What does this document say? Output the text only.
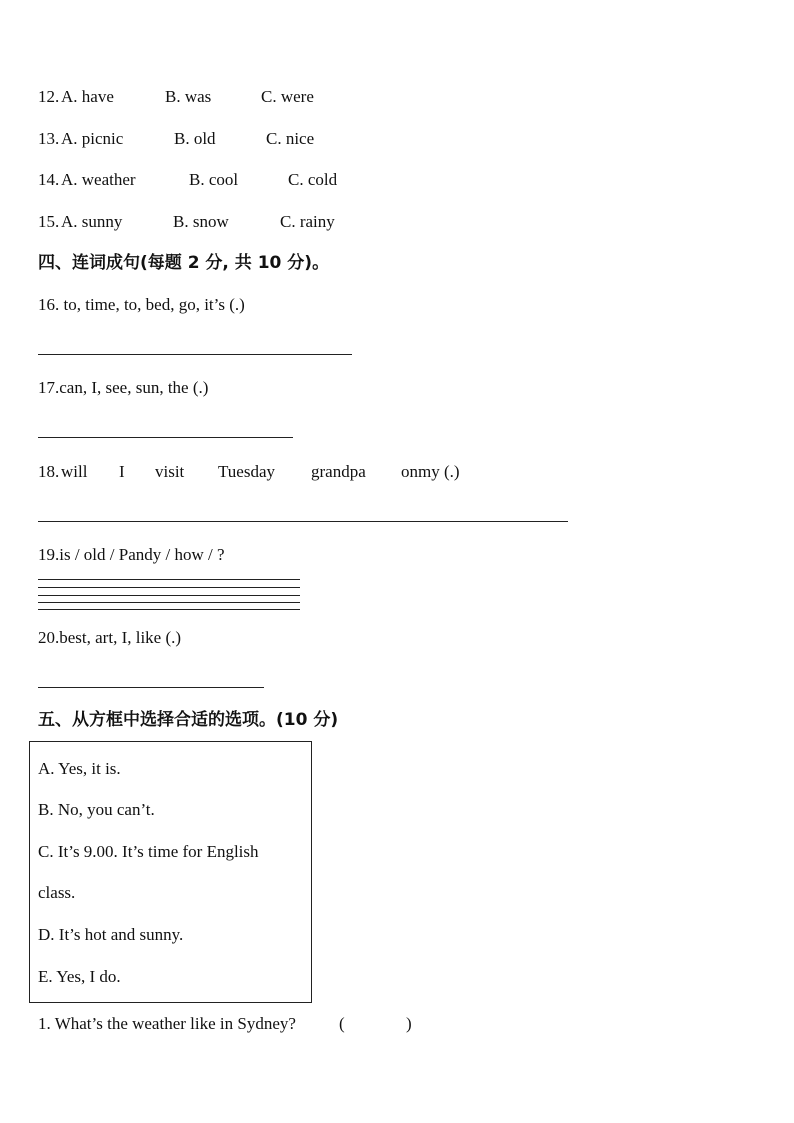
12. A. have	B. was	C. were
13. A. picnic	B. old	C. nice
14. A. weather	B. cool	C. cold
15. A. sunny	B. snow	C. rainy
四、连词成句(每题 2 分, 共 10 分)。
16. to, time, to, bed, go, it’s (.)
17.can, I, see, sun, the (.)
18. will I visit Tuesday grandpa onmy (.)
19.is / old / Pandy / how / ?
20.best, art, I, like (.)
五、从方框中选择合适的选项。(10 分)
A. Yes, it is.
B. No, you can’t.
C. It’s 9.00. It’s time for English
class.
D. It’s hot and sunny.
E. Yes, I do.
1. What’s the weather like in Sydney?	(	)
